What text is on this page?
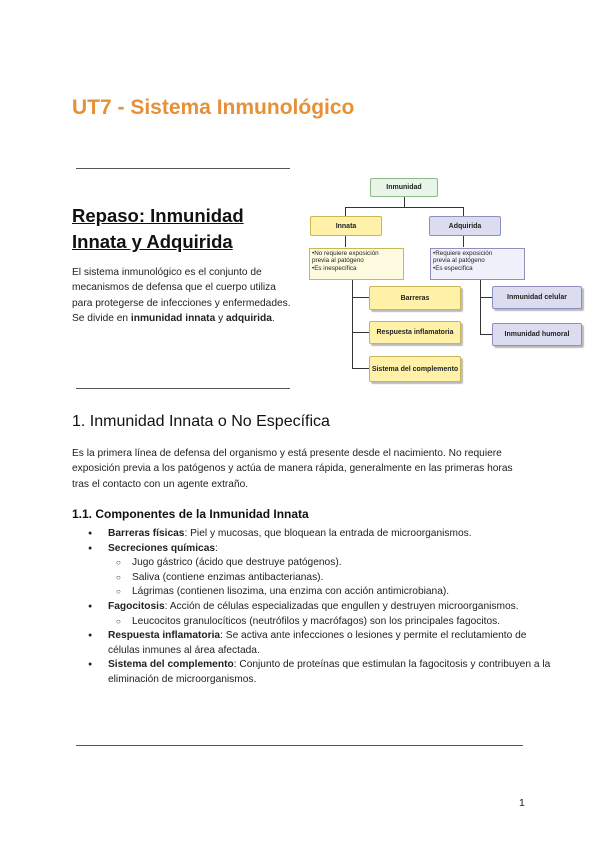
UT7 - Sistema Inmunológico
Repaso: Inmunidad
Innata y Adquirida
El sistema inmunológico es el conjunto de mecanismos de defensa que el cuerpo utiliza para protegerse de infecciones y enfermedades. Se divide en inmunidad innata y adquirida.
Inmunidad
Innata	Adquirida
•No requiere exposición
previa al patógeno
•Es inespecífica
•Requiere exposición
previa al patógeno
•Es específica
Barreras
Respuesta inflamatoria
Sistema del complemento
Inmunidad celular
Inmunidad humoral
1. Inmunidad Innata o No Específica
Es la primera línea de defensa del organismo y está presente desde el nacimiento. No requiere exposición previa a los patógenos y actúa de manera rápida, generalmente en las primeras horas tras el contacto con un agente extraño.
1.1. Componentes de la Inmunidad Innata
● Barreras físicas: Piel y mucosas, que bloquean la entrada de microorganismos.
● Secreciones químicas:
○ Jugo gástrico (ácido que destruye patógenos).
○ Saliva (contiene enzimas antibacterianas).
○ Lágrimas (contienen lisozima, una enzima con acción antimicrobiana).
● Fagocitosis: Acción de células especializadas que engullen y destruyen microorganismos.
○ Leucocitos granulocíticos (neutrófilos y macrófagos) son los principales fagocitos.
● Respuesta inflamatoria: Se activa ante infecciones o lesiones y permite el reclutamiento de células inmunes al área afectada.
● Sistema del complemento: Conjunto de proteínas que estimulan la fagocitosis y contribuyen a la eliminación de microorganismos.
1
